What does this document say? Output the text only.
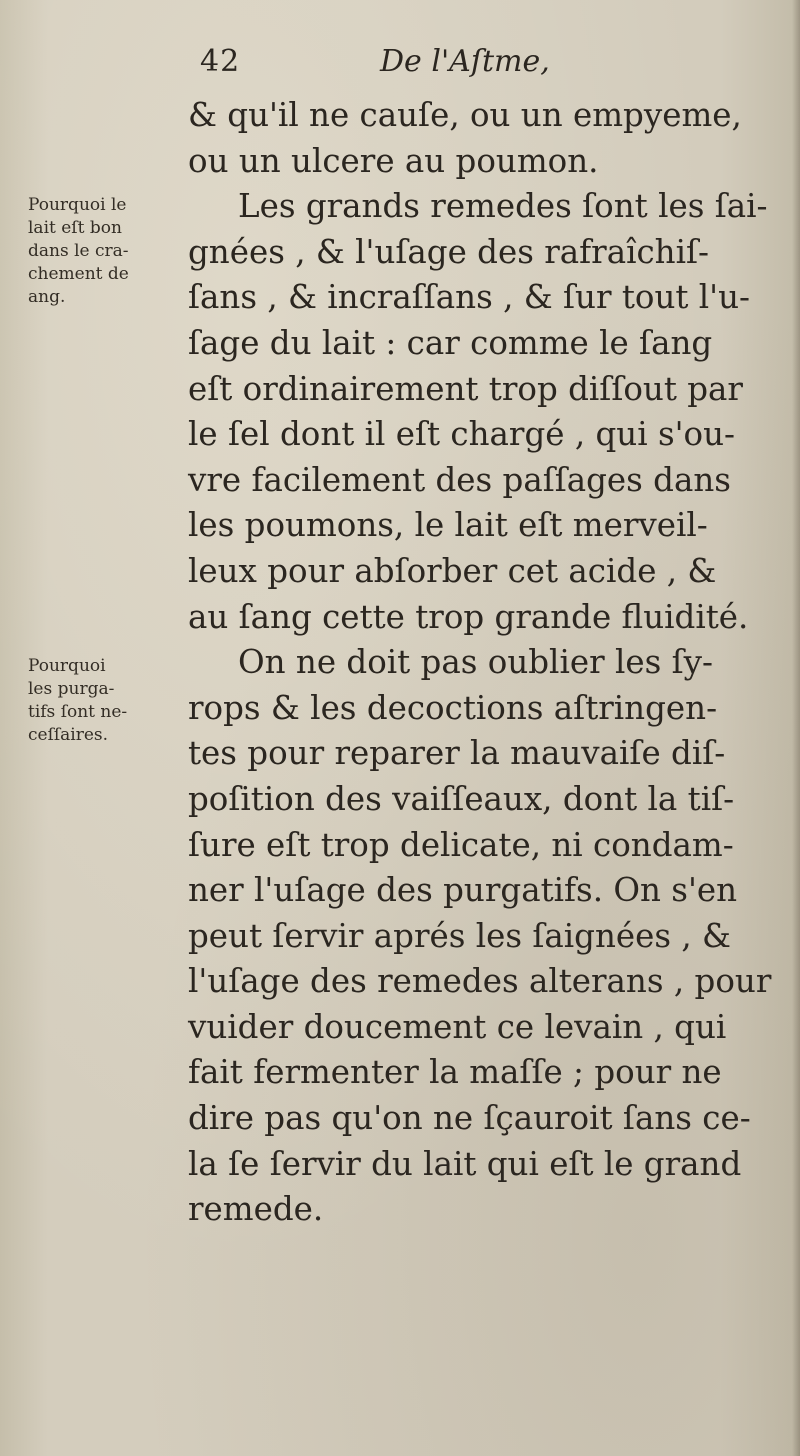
42	De l'Aſtme,
Pourquoi le
lait eſt bon
dans le cra-
chement de
ang.
Pourquoi
les purga-
tifs ſont ne-
ceſſaires.
& qu'il ne cauſe, ou un empyeme,
ou un ulcere au poumon.
Les grands remedes ſont les ſai-
gnées , & l'uſage des rafraîchiſ-
ſans , & incraſſans , & ſur tout l'u-
ſage du lait : car comme le ſang
eſt ordinairement trop diſſout par
le ſel dont il eſt chargé , qui s'ou-
vre facilement des paſſages dans
les poumons, le lait eſt merveil-
leux pour abſorber cet acide , &
au ſang cette trop grande fluidité.
On ne doit pas oublier les ſy-
rops & les decoctions aſtringen-
tes pour reparer la mauvaiſe diſ-
poſition des vaiſſeaux, dont la tiſ-
ſure eſt trop delicate, ni condam-
ner l'uſage des purgatifs. On s'en
peut ſervir aprés les ſaignées , &
l'uſage des remedes alterans , pour
vuider doucement ce levain , qui
fait fermenter la maſſe ; pour ne
dire pas qu'on ne ſçauroit ſans ce-
la ſe ſervir du lait qui eſt le grand
remede.
